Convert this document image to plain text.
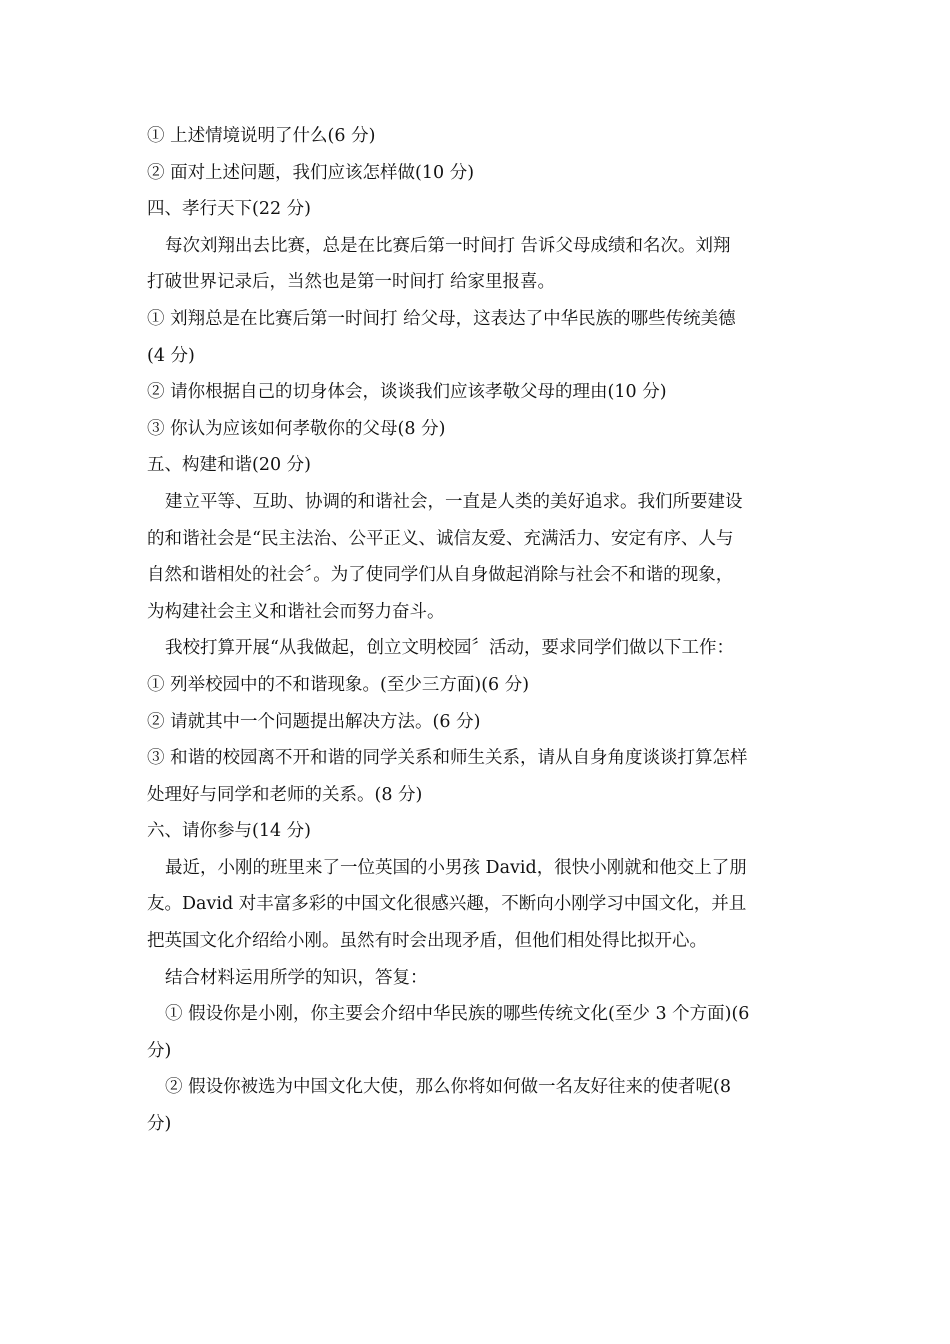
① 上述情境说明了什么(6 分)
② 面对上述问题，我们应该怎样做(10 分)
四、孝行天下(22 分)
每次刘翔出去比赛，总是在比赛后第一时间打 告诉父母成绩和名次。刘翔
打破世界记录后，当然也是第一时间打 给家里报喜。
① 刘翔总是在比赛后第一时间打 给父母，这表达了中华民族的哪些传统美德
(4 分)
② 请你根据自己的切身体会，谈谈我们应该孝敬父母的理由(10 分)
③ 你认为应该如何孝敬你的父母(8 分)
五、构建和谐(20 分)
建立平等、互助、协调的和谐社会，一直是人类的美好追求。我们所要建设
的和谐社会是“民主法治、公平正义、诚信友爱、充满活力、安定有序、人与
自然和谐相处的社会〞。为了使同学们从自身做起消除与社会不和谐的现象，
为构建社会主义和谐社会而努力奋斗。
我校打算开展“从我做起，创立文明校园〞活动，要求同学们做以下工作：
① 列举校园中的不和谐现象。(至少三方面)(6 分)
② 请就其中一个问题提出解决方法。(6 分)
③ 和谐的校园离不开和谐的同学关系和师生关系，请从自身角度谈谈打算怎样
处理好与同学和老师的关系。(8 分)
六、请你参与(14 分)
最近，小刚的班里来了一位英国的小男孩 David，很快小刚就和他交上了朋
友。David 对丰富多彩的中国文化很感兴趣，不断向小刚学习中国文化，并且
把英国文化介绍给小刚。虽然有时会出现矛盾，但他们相处得比拟开心。
结合材料运用所学的知识，答复：
① 假设你是小刚，你主要会介绍中华民族的哪些传统文化(至少 3 个方面)(6
分)
② 假设你被选为中国文化大使，那么你将如何做一名友好往来的使者呢(8
分)
